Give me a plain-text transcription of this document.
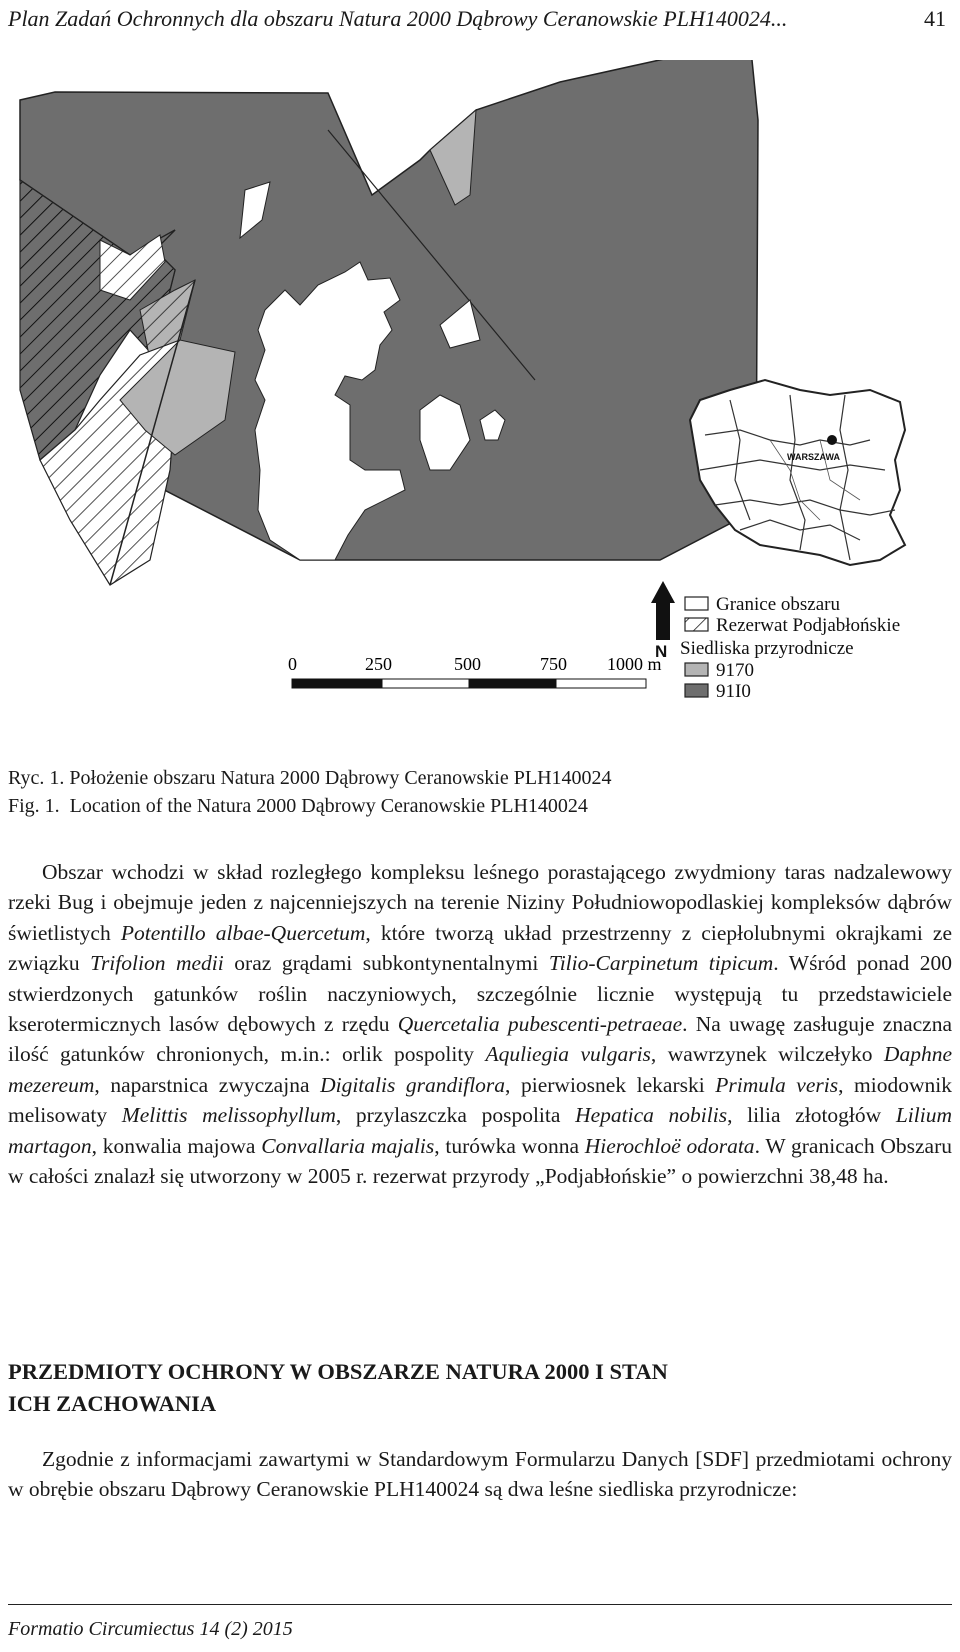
Plan Zadań Ochronnych dla obszaru Natura 2000 Dąbrowy Ceranowskie PLH140024...	41
WARSZAWA
N
0	250	500	750 1000 m
Granice obszaru
Rezerwat Podjabłońskie
Siedliska przyrodnicze
9170
91I0
Ryc. 1. Położenie obszaru Natura 2000 Dąbrowy Ceranowskie PLH140024
Fig. 1.  Location of the Natura 2000 Dąbrowy Ceranowskie PLH140024

Obszar wchodzi w skład rozległego kompleksu leśnego porastającego zwydmiony taras nadzalewowy rzeki Bug i obejmuje jeden z najcenniejszych na terenie Niziny Południowopodlaskiej kompleksów dąbrów świetlistych Potentillo albae-Quercetum, które tworzą układ przestrzenny z ciepłolubnymi okrajkami ze związku Trifolion medii oraz grądami subkontynentalnymi Tilio-Carpinetum tipicum. Wśród ponad 200 stwierdzonych gatunków roślin naczyniowych, szczególnie licznie występują tu przedstawiciele kserotermicznych lasów dębowych z rzędu Quercetalia pubescenti-petraeae. Na uwagę zasługuje znaczna ilość gatunków chronionych, m.in.: orlik pospolity Aquliegia vulgaris, wawrzynek wilczełyko Daphne mezereum, naparstnica zwyczajna Digitalis grandiflora, pierwiosnek lekarski Primula veris, miodownik melisowaty Melittis melissophyllum, przylaszczka pospolita Hepatica nobilis, lilia złotogłów Lilium martagon, konwalia majowa Convallaria majalis, turówka wonna Hierochloë odorata. W granicach Obszaru w całości znalazł się utworzony w 2005 r. rezerwat przyrody „Podjabłońskie” o powierzchni 38,48 ha.

PRZEDMIOTY OCHRONY W OBSZARZE NATURA 2000 I STAN
ICH ZACHOWANIA

Zgodnie z informacjami zawartymi w Standardowym Formularzu Danych [SDF] przedmiotami ochrony w obrębie obszaru Dąbrowy Ceranowskie PLH140024 są dwa leśne siedliska przyrodnicze:

Formatio Circumiectus 14 (2) 2015
